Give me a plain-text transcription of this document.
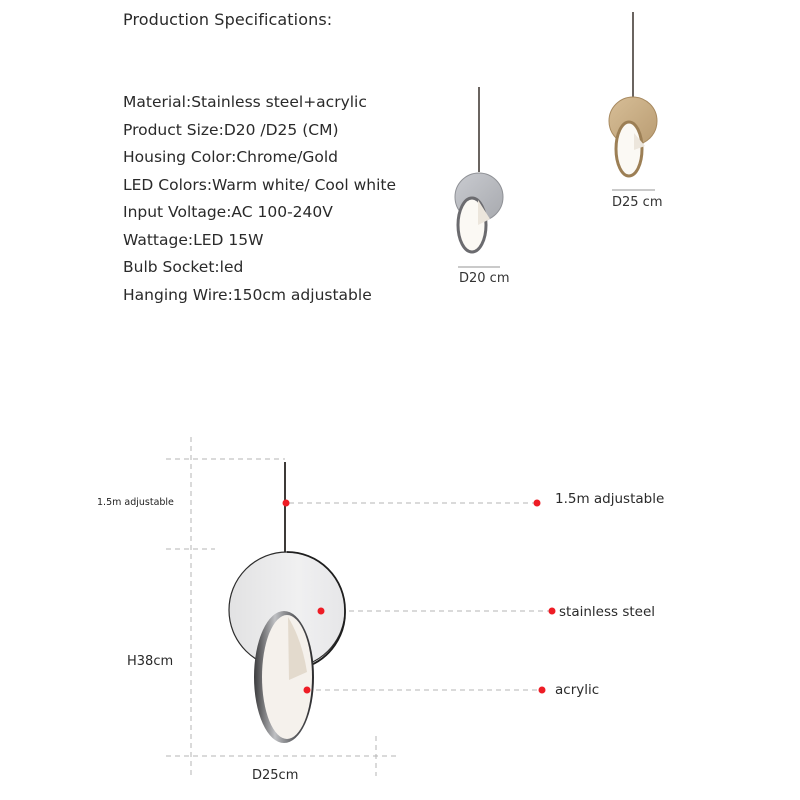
Production Specifications:
Material:Stainless steel+acrylic
Product Size:D20 /D25 (CM)
Housing Color:Chrome/Gold
LED Colors:Warm white/ Cool white
Input Voltage:AC 100-240V
Wattage:LED 15W
Bulb Socket:led
Hanging Wire:150cm adjustable
D20 cm
D25 cm
1.5m adjustable
H38cm
D25cm
1.5m adjustable
stainless steel
acrylic
